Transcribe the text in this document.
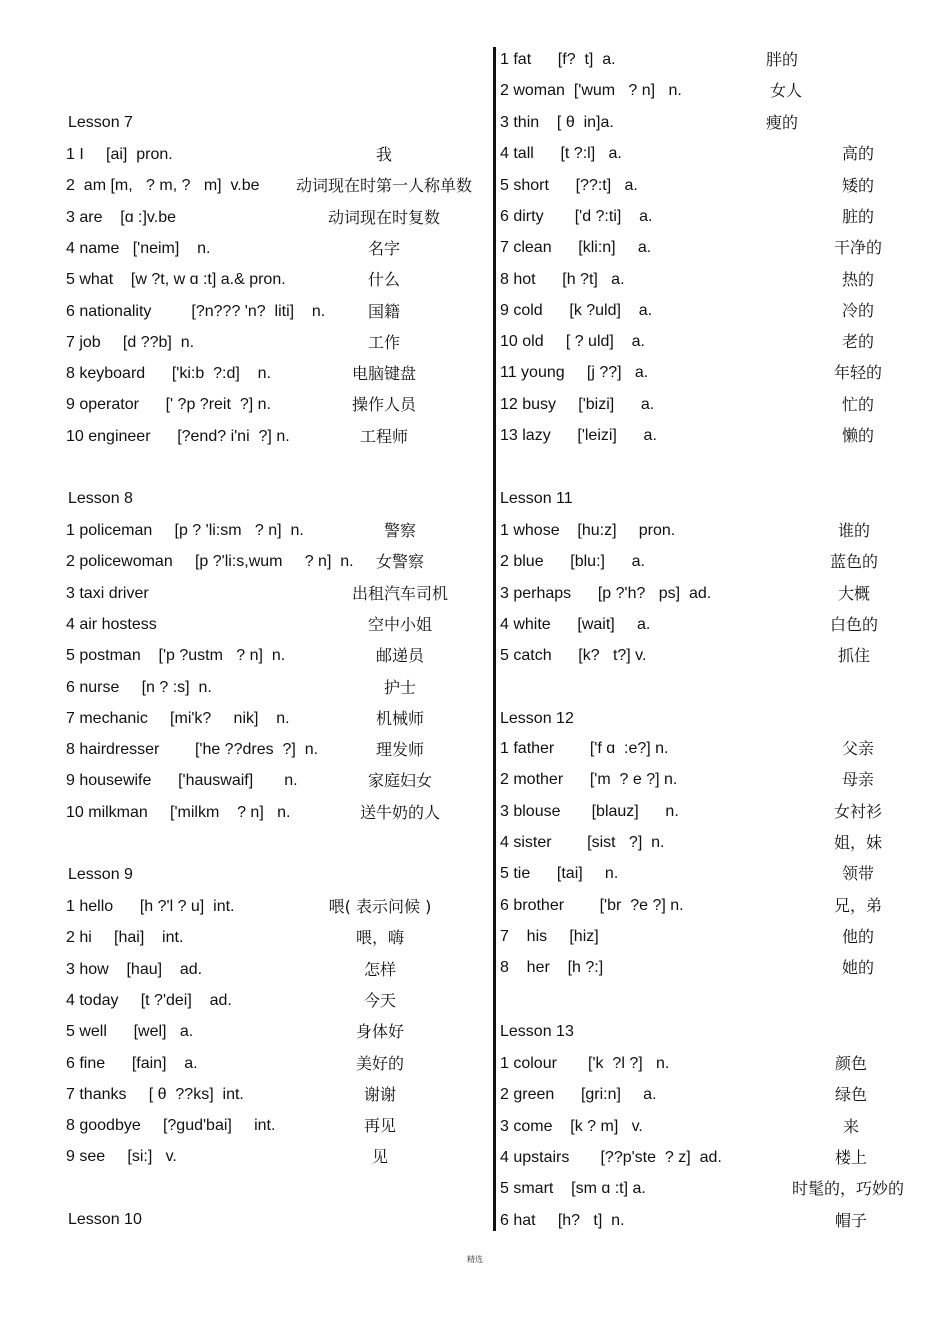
Lesson 7
1 I     [ai]  pron.	我
2  am [m,   ? m, ?   m]  v.be 动词现在时第一人称单数
3 are    [ɑ :]v.be	动词现在时复数
4 name   ['neim]    n.	名字
5 what    [w ?t, w ɑ :t] a.& pron.	什么
6 nationality         [?n??? 'n?  liti]    n.	国籍
7 job     [d ??b]  n.	工作
8 keyboard      ['ki:b  ?:d]    n.	电脑键盘
9 operator      [' ?p ?reit  ?] n.	操作人员
10 engineer      [?end? i'ni  ?] n.	工程师
Lesson 8
1 policeman     [p ? 'li:sm   ? n]  n.	警察
2 policewoman     [p ?'li:s,wum     ? n]  n. 女警察
3 taxi driver	出租汽车司机
4 air hostess	空中小姐
5 postman    ['p ?ustm   ? n]  n.	邮递员
6 nurse     [n ? :s]  n.	护士
7 mechanic     [mi'k?     nik]    n.	机械师
8 hairdresser        ['he ??dres  ?]  n.	理发师
9 housewife      ['hauswaif]       n.	家庭妇女
10 milkman     ['milkm    ? n]   n.	送牛奶的人
Lesson 9
1 hello      [h ?'l ? u]  int.	喂( 表示问候 )
2 hi     [hai]    int.	喂，嗨
3 how    [hau]    ad.	怎样
4 today     [t ?'dei]    ad.	今天
5 well      [wel]   a.	身体好
6 fine      [fain]    a.	美好的
7 thanks     [ θ  ??ks]  int.	谢谢
8 goodbye     [?gud'bai]     int.	再见
9 see     [si:]   v.	见
Lesson 10
1 fat      [f?  t]  a.	胖的
2 woman  ['wum   ? n]   n.	女人
3 thin    [ θ  in]a.	瘦的
4 tall      [t ?:l]   a.	高的
5 short      [??:t]   a.	矮的
6 dirty       ['d ?:ti]    a.	脏的
7 clean      [kli:n]     a.	干净的
8 hot      [h ?t]   a.	热的
9 cold      [k ?uld]    a.	冷的
10 old     [ ? uld]    a.	老的
11 young     [j ??]   a.	年轻的
12 busy     ['bizi]      a.	忙的
13 lazy      ['leizi]      a.	懒的
Lesson 11
1 whose    [hu:z]     pron.	谁的
2 blue      [blu:]      a.	蓝色的
3 perhaps      [p ?'h?   ps]  ad.	大概
4 white      [wait]     a.	白色的
5 catch      [k?   t?] v.	抓住
Lesson 12
1 father        ['f ɑ  :e?] n.	父亲
2 mother      ['m  ? e ?] n.	母亲
3 blouse       [blauz]      n.	女衬衫
4 sister        [sist   ?]  n.	姐，妹
5 tie      [tai]     n.	领带
6 brother        ['br  ?e ?] n.	兄，弟
7    his     [hiz]	他的
8    her    [h ?:]	她的
Lesson 13
1 colour       ['k  ?l ?]   n.	颜色
2 green      [gri:n]     a.	绿色
3 come    [k ? m]   v.	来
4 upstairs       [??p'ste  ? z]  ad.	楼上
5 smart    [sm ɑ :t] a.	时髦的，巧妙的
6 hat     [h?   t]  n.	帽子
精选
